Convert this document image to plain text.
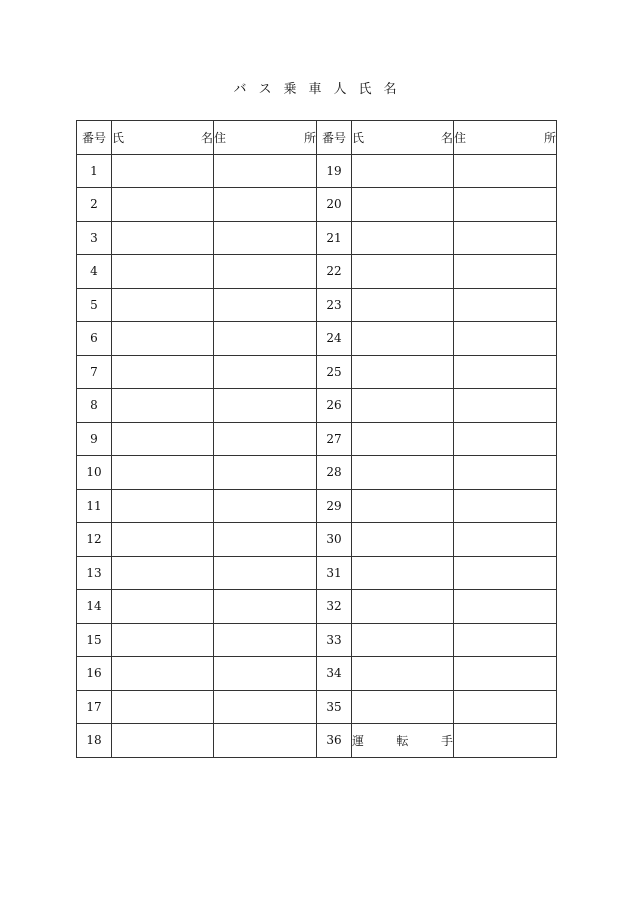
バス乗車人氏名
番号	氏　名	住　所	番号	氏　名	住　所

1			19		
2			20		
3			21		
4			22		
5			23		
6			24		
7			25		
8			26		
9			27		
10			28		
11			29		
12			30		
13			31		
14			32		
15			33		
16			34		
17			35		
18			36	運転手	
